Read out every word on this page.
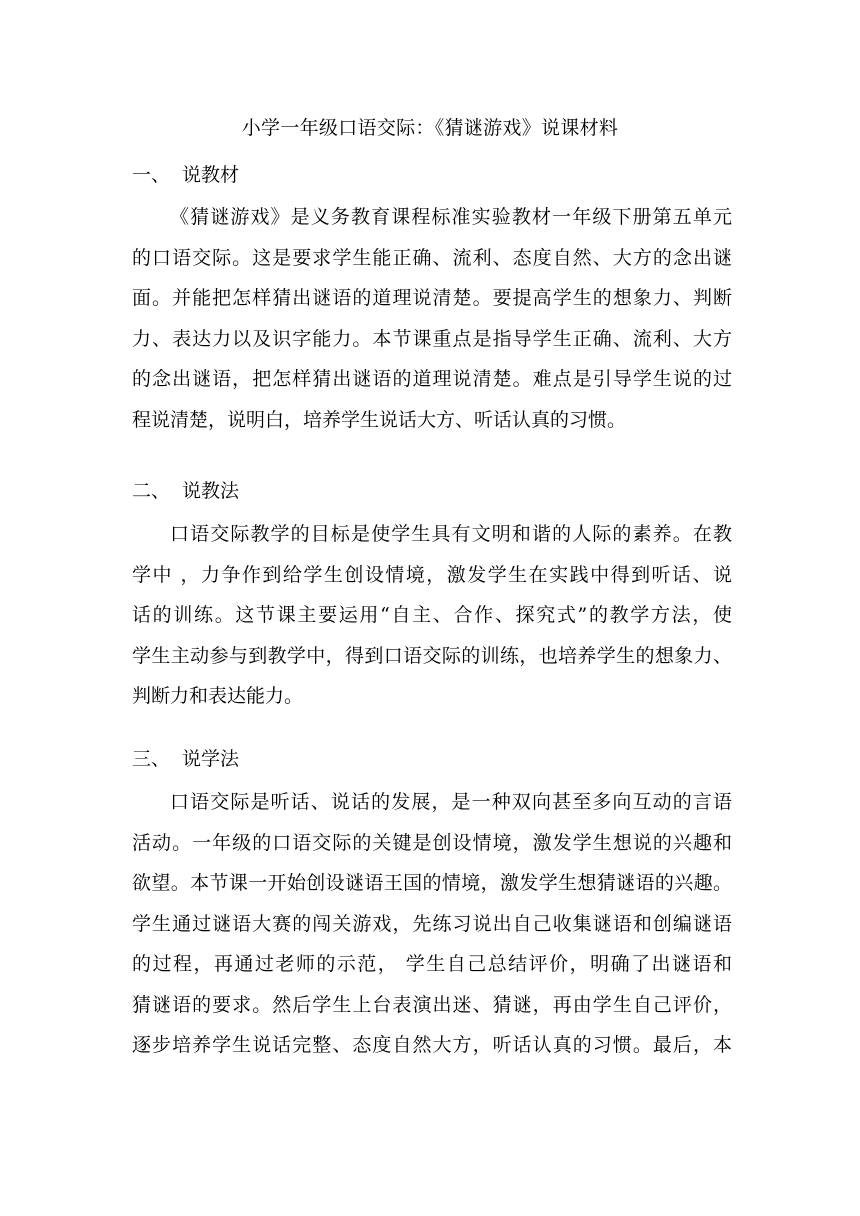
小学一年级口语交际：《猜谜游戏》说课材料
一、 说教材
《猜谜游戏》是义务教育课程标准实验教材一年级下册第五单元
的口语交际。这是要求学生能正确、流利、态度自然、大方的念出谜
面。并能把怎样猜出谜语的道理说清楚。要提高学生的想象力、判断
力、表达力以及识字能力。本节课重点是指导学生正确、流利、大方
的念出谜语，把怎样猜出谜语的道理说清楚。难点是引导学生说的过
程说清楚，说明白，培养学生说话大方、听话认真的习惯。
二、 说教法
口语交际教学的目标是使学生具有文明和谐的人际的素养。在教
学中 ，力争作到给学生创设情境，激发学生在实践中得到听话、说
话的训练。这节课主要运用“自主、合作、探究式”的教学方法，使
学生主动参与到教学中，得到口语交际的训练，也培养学生的想象力、
判断力和表达能力。
三、 说学法
口语交际是听话、说话的发展，是一种双向甚至多向互动的言语
活动。一年级的口语交际的关键是创设情境，激发学生想说的兴趣和
欲望。本节课一开始创设谜语王国的情境，激发学生想猜谜语的兴趣。
学生通过谜语大赛的闯关游戏，先练习说出自己收集谜语和创编谜语
的过程，再通过老师的示范， 学生自己总结评价，明确了出谜语和
猜谜语的要求。然后学生上台表演出迷、猜谜，再由学生自己评价，
逐步培养学生说话完整、态度自然大方，听话认真的习惯。最后，本
